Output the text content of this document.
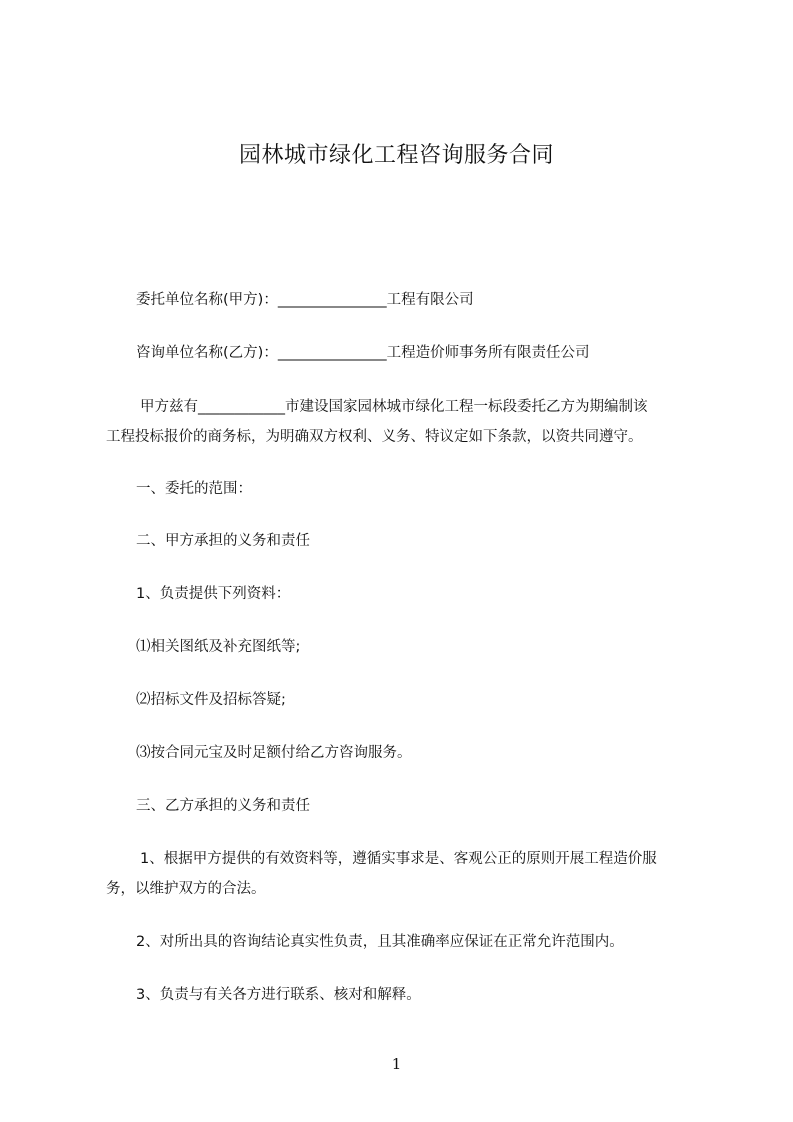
园林城市绿化工程咨询服务合同
委托单位名称(甲方)：_______________工程有限公司
咨询单位名称(乙方)：_______________工程造价师事务所有限责任公司
甲方兹有____________市建设国家园林城市绿化工程一标段委托乙方为期编制该
工程投标报价的商务标，为明确双方权利、义务、特议定如下条款，以资共同遵守。
一、委托的范围：
二、甲方承担的义务和责任
1、负责提供下列资料：
⑴相关图纸及补充图纸等;
⑵招标文件及招标答疑;
⑶按合同元宝及时足额付给乙方咨询服务。
三、乙方承担的义务和责任
1、根据甲方提供的有效资料等，遵循实事求是、客观公正的原则开展工程造价服
务，以维护双方的合法。
2、对所出具的咨询结论真实性负责，且其准确率应保证在正常允许范围内。
3、负责与有关各方进行联系、核对和解释。
1
